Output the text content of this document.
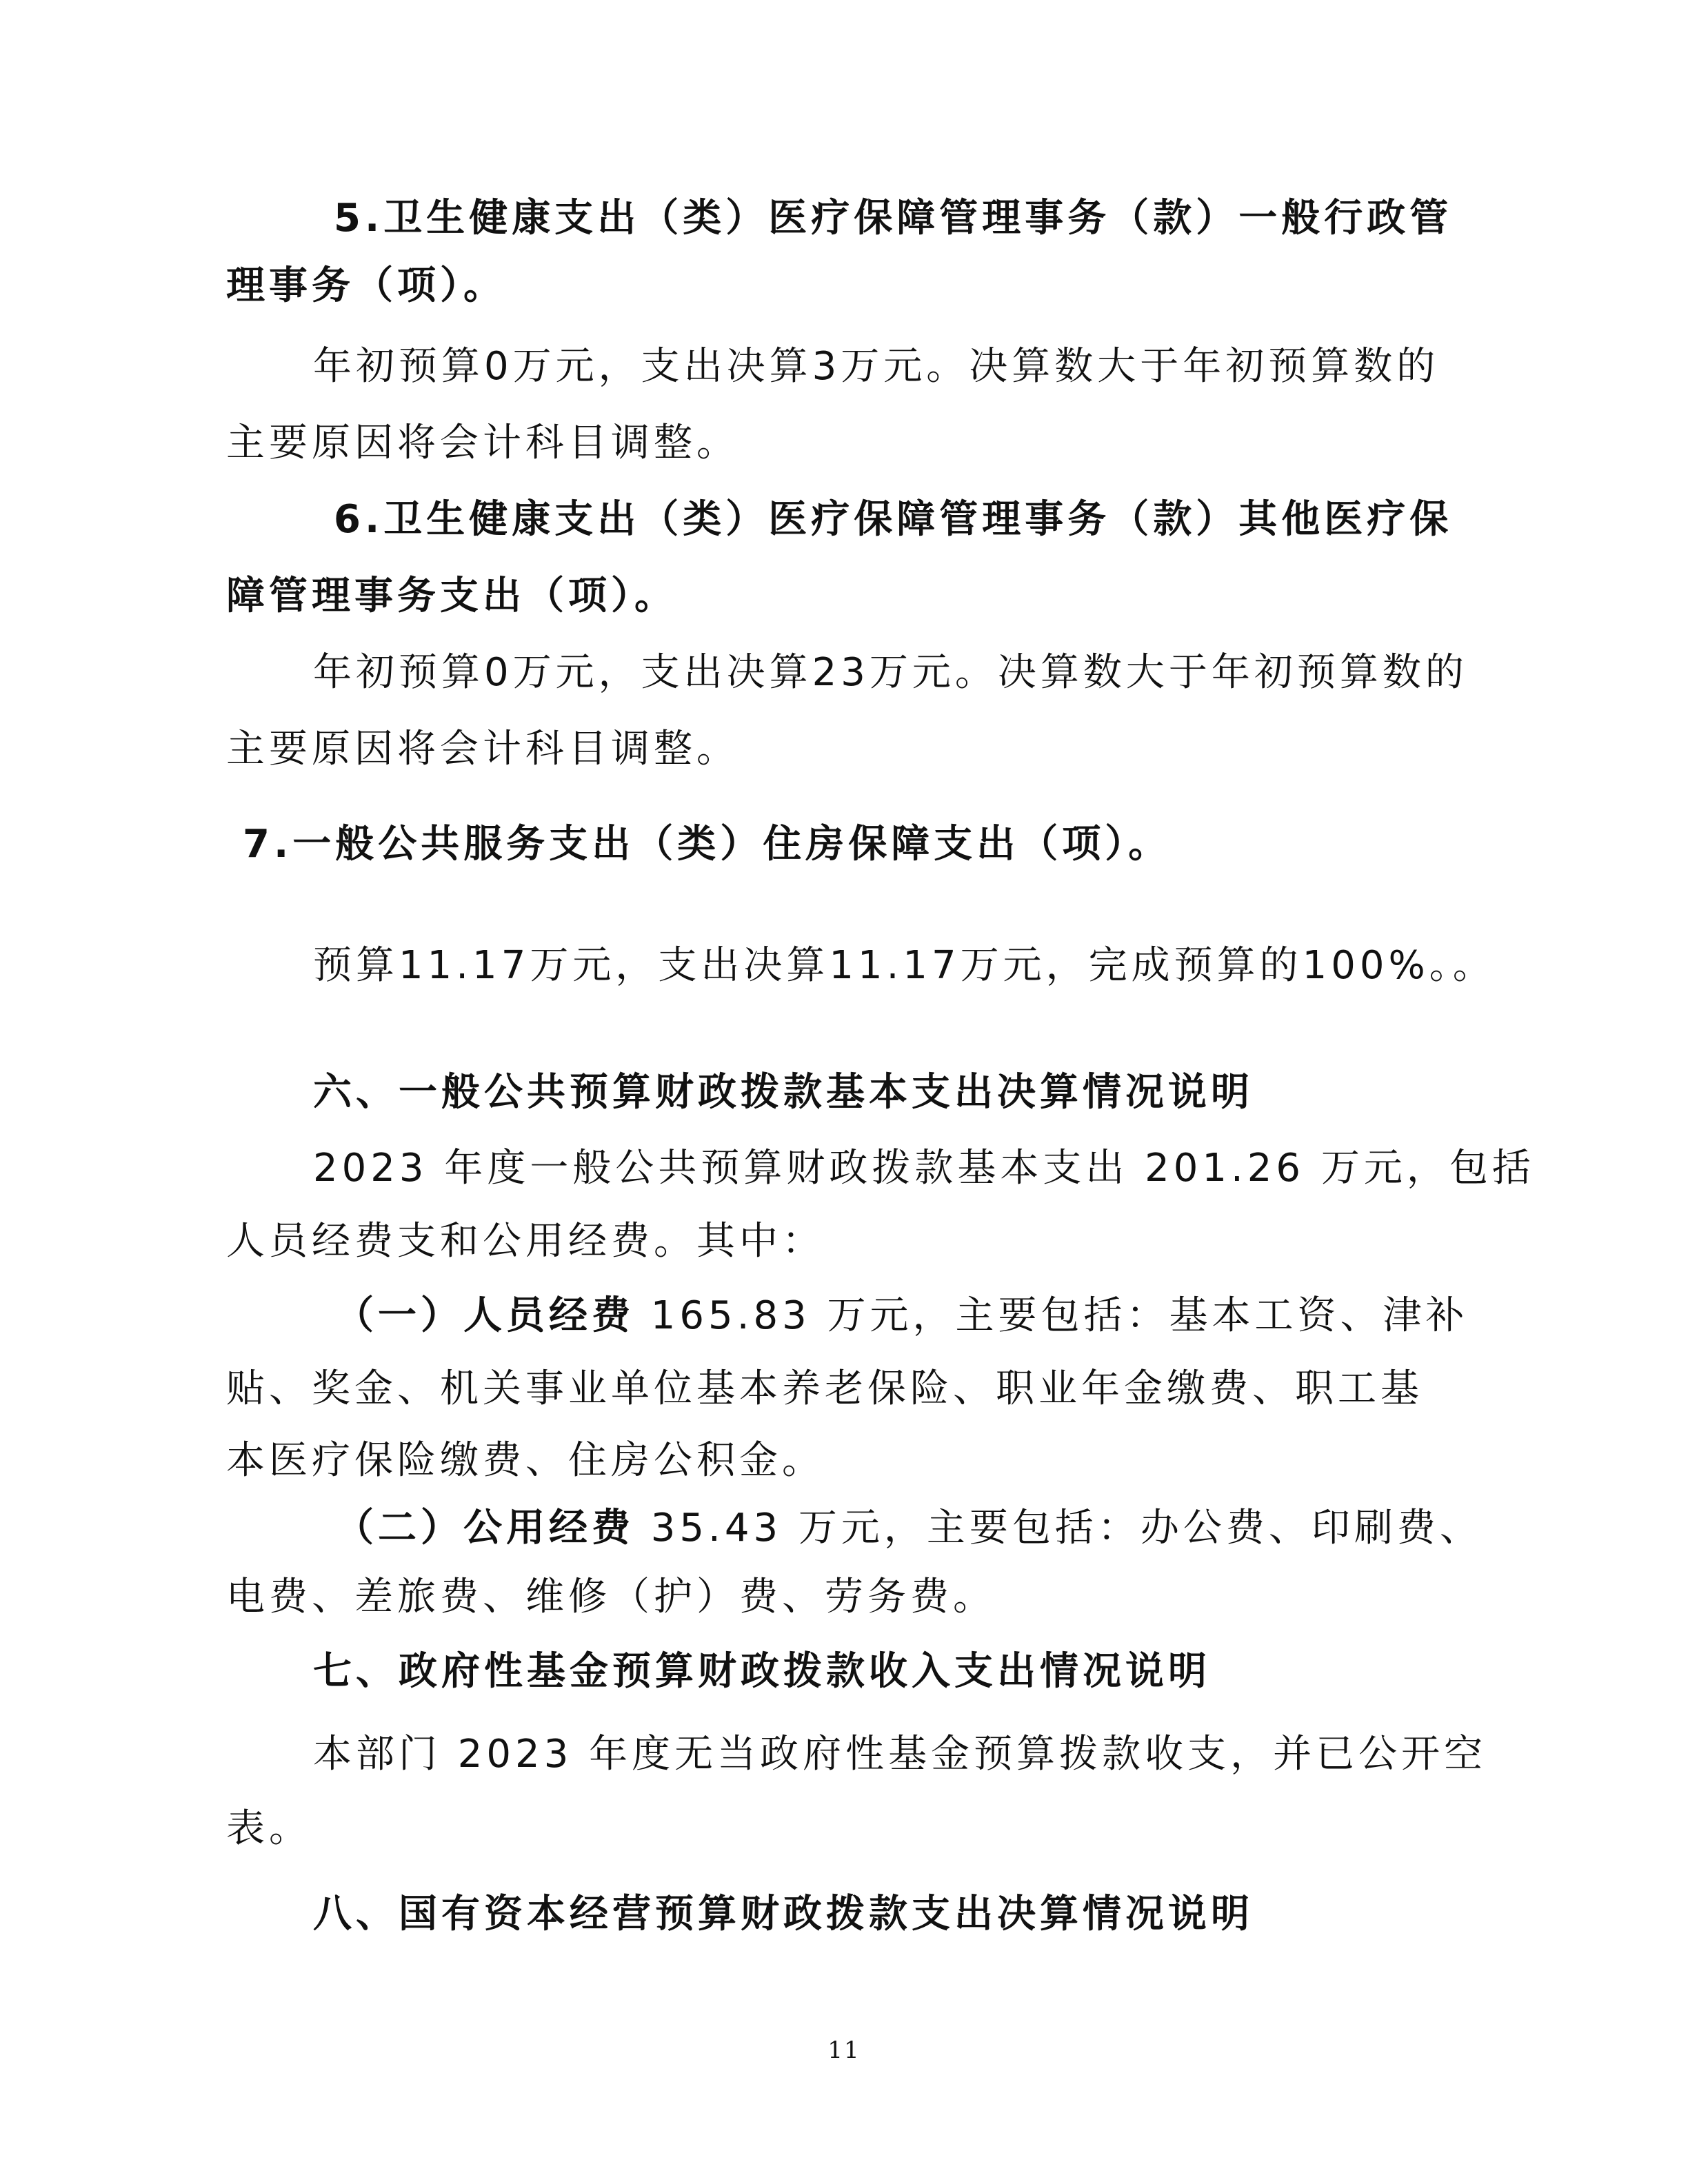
5.卫生健康支出（类）医疗保障管理事务（款）一般行政管
理事务（项）。
年初预算0万元，支出决算3万元。决算数大于年初预算数的
主要原因将会计科目调整。
6.卫生健康支出（类）医疗保障管理事务（款）其他医疗保
障管理事务支出（项）。
年初预算0万元，支出决算23万元。决算数大于年初预算数的
主要原因将会计科目调整。
7.一般公共服务支出（类）住房保障支出（项）。
预算11.17万元，支出决算11.17万元，完成预算的100%。。
六、一般公共预算财政拨款基本支出决算情况说明
2023 年度一般公共预算财政拨款基本支出 201.26 万元，包括
人员经费支和公用经费。其中：
（一）人员经费 165.83 万元，主要包括：基本工资、津补
贴、奖金、机关事业单位基本养老保险、职业年金缴费、职工基
本医疗保险缴费、住房公积金。
（二）公用经费 35.43 万元，主要包括：办公费、印刷费、
电费、差旅费、维修（护）费、劳务费。
七、政府性基金预算财政拨款收入支出情况说明
本部门 2023 年度无当政府性基金预算拨款收支，并已公开空
表。
八、国有资本经营预算财政拨款支出决算情况说明
11
